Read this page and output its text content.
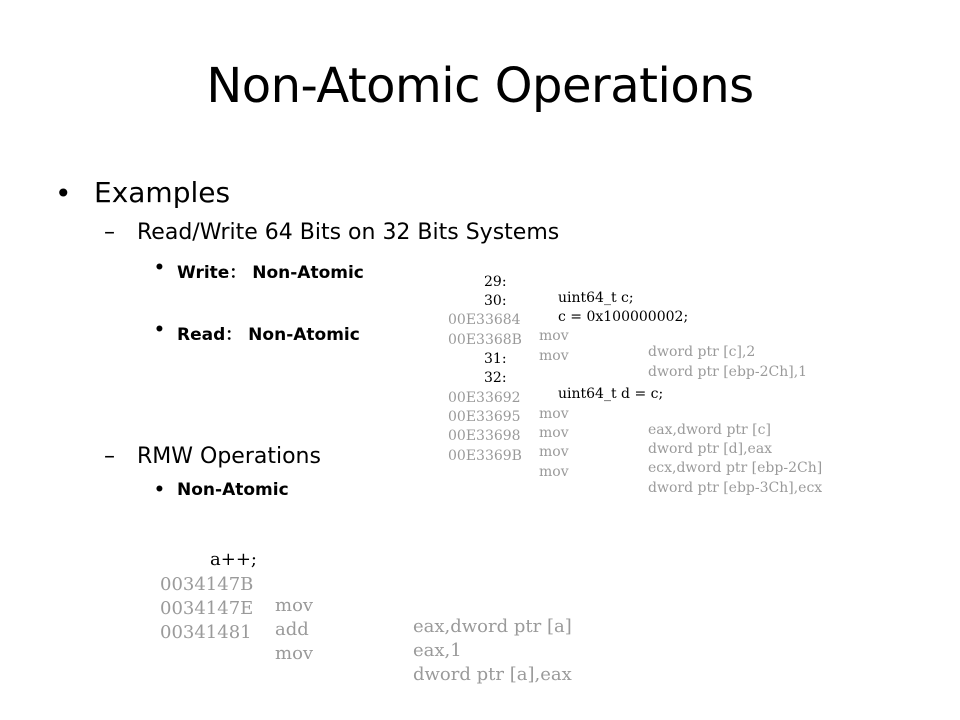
Non-Atomic Operations
• Examples
– Read/Write 64 Bits on 32 Bits Systems
• Write： Non-Atomic
• Read： Non-Atomic
– RMW Operations
• Non-Atomic

29:

uint64_t c;

30:

c = 0x100000002;

00E33684

mov

dword ptr [c],2

00E3368B

mov

dword ptr [ebp-2Ch],1

31:

32:

uint64_t d = c;

00E33692

mov

eax,dword ptr [c]

00E33695

mov

dword ptr [d],eax

00E33698

mov

ecx,dword ptr [ebp-2Ch]

00E3369B

mov

dword ptr [ebp-3Ch],ecx

a++;

0034147B

mov

eax,dword ptr [a]

0034147E

add

eax,1

00341481

mov

dword ptr [a],eax
